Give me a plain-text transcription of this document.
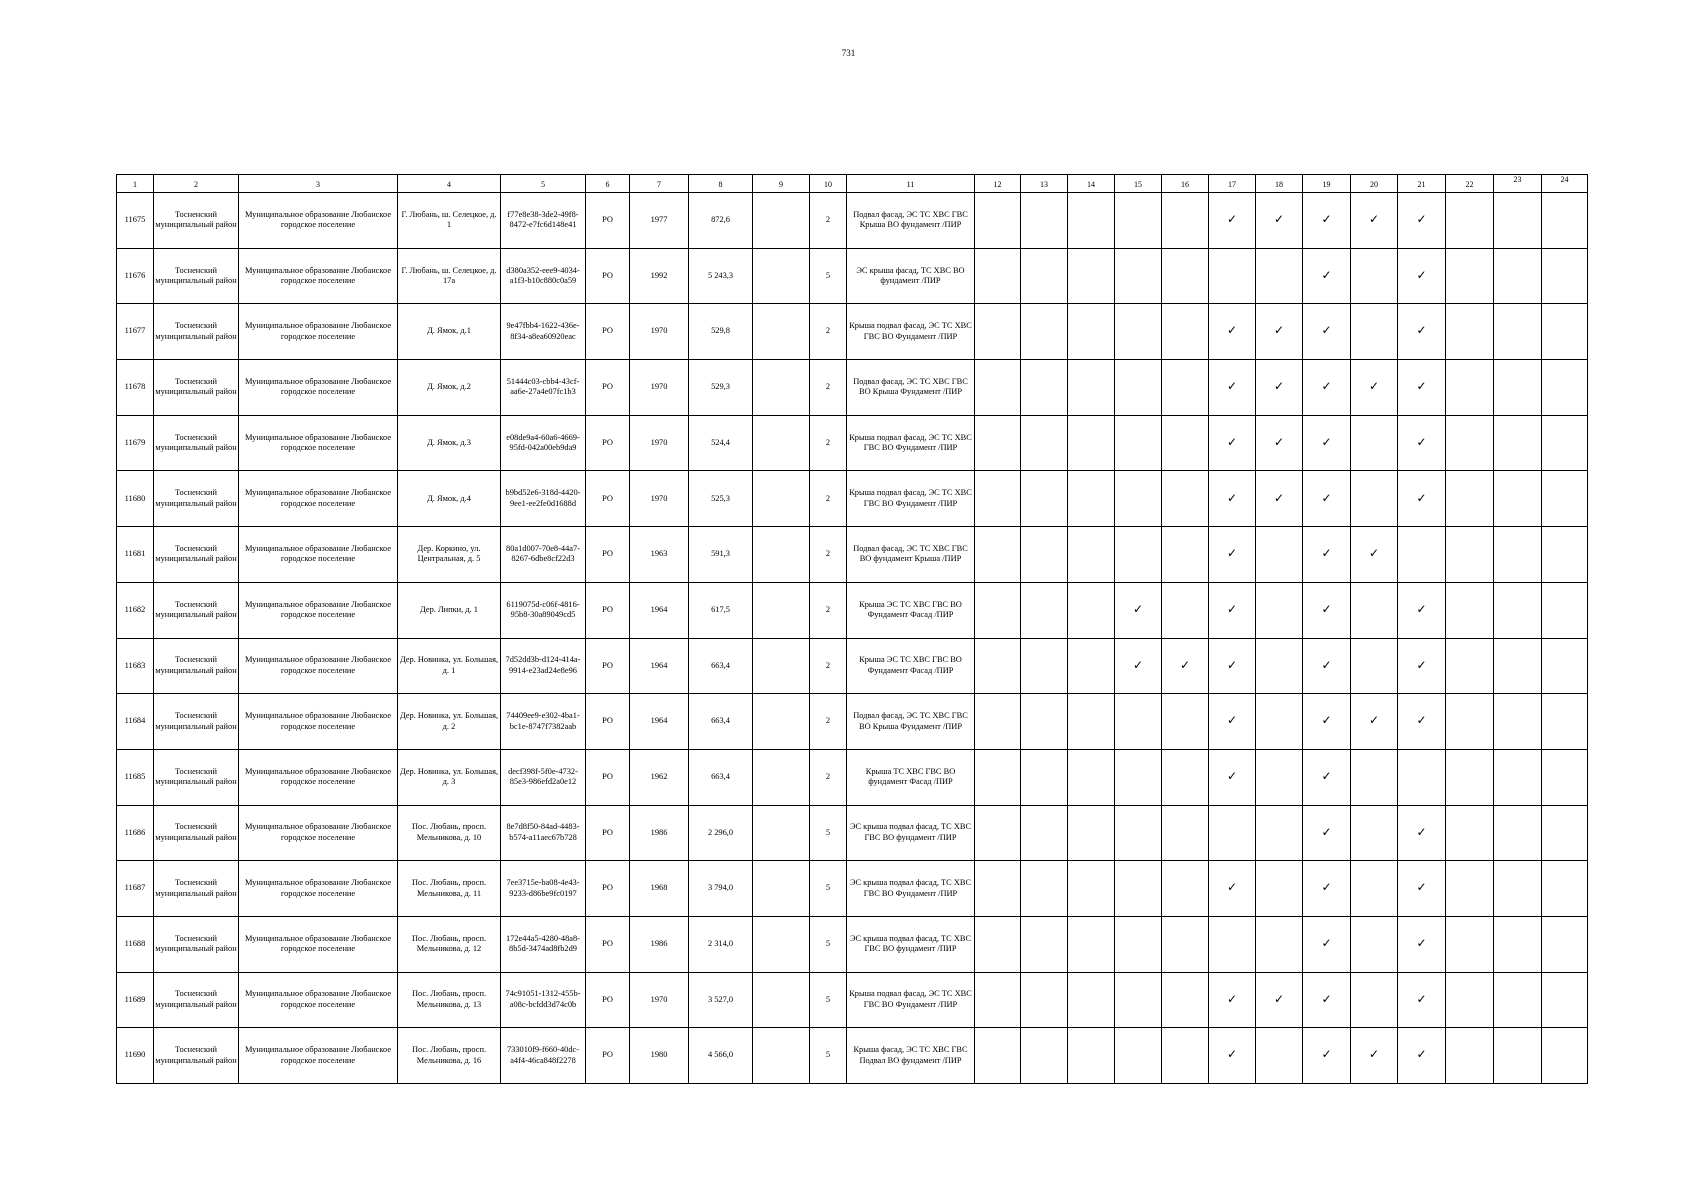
731
1	2	3	4	5	6	7	8	9	10	11	12	13	14	15	16	17	18	19	20	21	22	23	24
11675	Тосненский муниципальный район	Муниципальное образование Любанское городское поселение	Г. Любань, ш. Селецкое, д. 1	f77e8e38-3de2-49f8-8472-e7fc6d148e41	РО	1977	872,6		2	Подвал фасад, ЭС ТС ХВС ГВС Крыша ВО фундамент /ПИР						✓	✓	✓	✓	✓			
11676	Тосненский муниципальный район	Муниципальное образование Любанское городское поселение	Г. Любань, ш. Селецкое, д. 17а	d380a352-eee9-4034-a1f3-b10c880c0a59	РО	1992	5 243,3		5	ЭС крыша фасад, ТС ХВС ВО фундамент /ПИР								✓		✓			
11677	Тосненский муниципальный район	Муниципальное образование Любанское городское поселение	Д. Ямок, д.1	9e47fbb4-1622-436e-8f34-a8ea60920eac	РО	1970	529,8		2	Крыша подвал фасад, ЭС ТС ХВС ГВС ВО Фундамент /ПИР						✓	✓	✓		✓			
11678	Тосненский муниципальный район	Муниципальное образование Любанское городское поселение	Д. Ямок, д.2	51444c03-cbb4-43cf-aa6e-27a4e07fc1b3	РО	1970	529,3		2	Подвал фасад, ЭС ТС ХВС ГВС ВО Крыша Фундамент /ПИР						✓	✓	✓	✓	✓			
11679	Тосненский муниципальный район	Муниципальное образование Любанское городское поселение	Д. Ямок, д.3	e08de9a4-60a6-4669-95fd-042a00eb9da9	РО	1970	524,4		2	Крыша подвал фасад, ЭС ТС ХВС ГВС ВО Фундамент /ПИР						✓	✓	✓		✓			
11680	Тосненский муниципальный район	Муниципальное образование Любанское городское поселение	Д. Ямок, д.4	b9bd52e6-318d-4420-9ee1-ee2fe0d1688d	РО	1970	525,3		2	Крыша подвал фасад, ЭС ТС ХВС ГВС ВО Фундамент /ПИР						✓	✓	✓		✓			
11681	Тосненский муниципальный район	Муниципальное образование Любанское городское поселение	Дер. Коркино, ул. Центральная, д. 5	80a1d007-70e8-44a7-8267-6dbe8cf22d3	РО	1963	591,3		2	Подвал фасад, ЭС ТС ХВС ГВС ВО фундамент Крыша /ПИР						✓		✓	✓				
11682	Тосненский муниципальный район	Муниципальное образование Любанское городское поселение	Дер. Липки, д. 1	6119075d-c06f-4816-95b8-30a89049cd5	РО	1964	617,5		2	Крыша ЭС ТС ХВС ГВС ВО Фундамент Фасад /ПИР				✓		✓		✓		✓			
11683	Тосненский муниципальный район	Муниципальное образование Любанское городское поселение	Дер. Новинка, ул. Большая, д. 1	7d52dd3b-d124-414a-9914-e23ad24e8e96	РО	1964	663,4		2	Крыша ЭС ТС ХВС ГВС ВО Фундамент Фасад /ПИР				✓	✓	✓		✓		✓			
11684	Тосненский муниципальный район	Муниципальное образование Любанское городское поселение	Дер. Новинка, ул. Большая, д. 2	74409ee9-e302-4ba1-bc1e-8747f7382aab	РО	1964	663,4		2	Подвал фасад, ЭС ТС ХВС ГВС ВО Крыша Фундамент /ПИР						✓		✓	✓	✓			
11685	Тосненский муниципальный район	Муниципальное образование Любанское городское поселение	Дер. Новинка, ул. Большая, д. 3	decf398f-5f0e-4732-85e3-986efd2a0e12	РО	1962	663,4		2	Крыша ТС ХВС ГВС ВО фундамент Фасад /ПИР						✓		✓					
11686	Тосненский муниципальный район	Муниципальное образование Любанское городское поселение	Пос. Любань, просп. Мельникова, д. 10	8e7d8f50-84ad-4483-b574-a11aec67b728	РО	1986	2 296,0		5	ЭС крыша подвал фасад, ТС ХВС ГВС ВО фундамент /ПИР								✓		✓			
11687	Тосненский муниципальный район	Муниципальное образование Любанское городское поселение	Пос. Любань, просп. Мельникова, д. 11	7ee3715e-ba08-4e43-9233-d86be9fc0197	РО	1968	3 794,0		5	ЭС крыша подвал фасад, ТС ХВС ГВС ВО Фундамент /ПИР						✓		✓		✓			
11688	Тосненский муниципальный район	Муниципальное образование Любанское городское поселение	Пос. Любань, просп. Мельникова, д. 12	172e44a5-4280-48a8-8b5d-3474ad8fb2d9	РО	1986	2 314,0		5	ЭС крыша подвал фасад, ТС ХВС ГВС ВО фундамент /ПИР								✓		✓			
11689	Тосненский муниципальный район	Муниципальное образование Любанское городское поселение	Пос. Любань, просп. Мельникова, д. 13	74c91051-1312-455b-a08c-bcfdd3d74c0b	РО	1970	3 527,0		5	Крыша подвал фасад, ЭС ТС ХВС ГВС ВО Фундамент /ПИР						✓	✓	✓		✓			
11690	Тосненский муниципальный район	Муниципальное образование Любанское городское поселение	Пос. Любань, просп. Мельникова, д. 16	733010f9-f660-40dc-a4f4-46ca848f2278	РО	1980	4 566,0		5	Крыша фасад, ЭС ТС ХВС ГВС Подвал ВО фундамент /ПИР						✓		✓	✓	✓			
